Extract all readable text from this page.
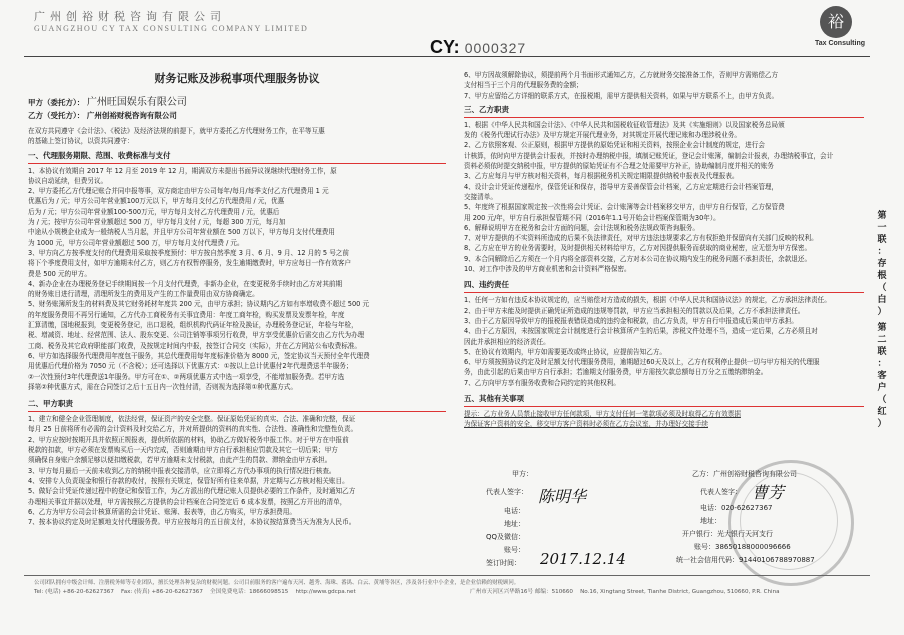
广州创裕财税咨询有限公司
GUANGZHOU CY TAX CONSULTING COMPANY LIMITED
CY: 0000327
裕
Tax Consulting
财务记账及涉税事项代理服务协议
甲方（委托方）： 广州旺国娱乐有限公司
乙方（受托方）： 广州创裕财税咨询有限公司
在双方共同遵守《会计法》、《税法》及经济法规的前提下，就甲方委托乙方代理财务工作，在平等互惠
的基础上签订协议，以资共同遵守：
一、代理服务期限、范围、收费标准与支付
1、本协议有效期自 2017 年 12 月至 2019 年 12 月，期满双方未提出书面异议视继续代理财务工作，原
协议自动延续，但费另议。
2、甲方委托乙方代理记账合并同申报等事，双方商定由甲方公司每年/每月/每季支付乙方代理费用 1 元
优惠后为 / 元；甲方公司年营业额100万元以下，甲方每月支付乙方代理费用 / 元，优惠
后为 / 元；甲方公司年营业额100-500万元，甲方每月支付乙方代理费用 / 元，优惠后
为 / 元；按甲方公司年营业额超过 500 万，甲方每月支付 / 元，每超 300 万元，每月加
中途从小规模企业成为一般纳税人当月起，并且甲方公司年营业额在 500 万以下，甲方每月支付代理费用
为 1000 元，甲方公司年营业额超过 500 万，甲方每月支付代理费 / 元。
3、甲方向乙方按季度支付的代理费用采取按季度预付：甲方按自然季度 3 月、6 月、9 月、12 月的 5 号之前
将下个季度费用支付，如甲方逾期未付乙方，则乙方有权暂停服务，发生逾期缴费时，甲方应每日一作有效客户
费是 500 元的甲方。
4、新办企业在办理税务登记手续期间按一个月支付代理费，非新办企业，在变更税务手续时由乙方对其前期
的财务账目进行清理，清理所发生的费用及产生的工作量费用由双方协商确定。
5、财务账簿所发生的材料费及其它财务耗材年度共 200 元，由甲方承担；协议期内乙方如有率增收费不超过 500 元
的年度服务费用不再另行通知，乙方代办工商税务有关事宜费用：年度工商年检，购买发票及发票年检，年度
汇算清缴，国地税报到，变更税务登记，出口退税，组织机构代码证年检及换证，办理税务登记证，年检与年检，
税、增减资、地址、经营范围、法人、股东变更、公司注销等事项另行收费，甲方享受优惠价后需交由乙方代为办理
工商、税务及其它政府职能部门收费，及按规定时间内中报，按签订合同交（实际），并在乙方网站公布收费标准。
6、甲方如选择服务代理费用年度包干服务，其总代理费用每年度标准价格为 8000 元，签定协议当天预付全年代理费
用优惠后代理价格为 7050 元（不含税）；还可选择以下优惠方式：①按以上总计优惠付2年代理费送半年服务；
②一次性预付3年代理费送1年服务。甲方可在①、②两项优惠方式中选一项享受，不能增加服务费。若甲方选
择第②种优惠方式，需在合同签订之后十五日内一次性付清，否则视为选择第①种优惠方式。
二、甲方职责
1、建立和健全企业管理制度，依法经营，保证资产的安全完整。保证原始凭证的真实、合法、准确和完整，保证
每月 25 日前将所有必需的会计资料及时交给乙方，并对所提供的资料的真实性、合法性、准确性和完整性负责。
2、甲方应按时按期开具并依照正规报表，提供所依据的材料，协助乙方做好税务申报工作。对于甲方在申报前
税款的扣款，甲方必须在发票购买后一天内完成，否则逾期由甲方自行承担相应罚款及其它一切后果；甲方
须确保自身账户余额足够以便扣缴税款，若甲方逾期未支付税款，由此产生的罚款、滞纳金由甲方承担。
3、甲方每月最后一天前未收到乙方的纳税申报表交接清单，应立即将乙方代办事项的执行情况进行核查。
4、安排专人负责现金和银行存款的收付，按照有关规定，保管好所有往来单据，并定期与乙方核对相关账目。
5、做好会计凭证传递过程中的登记和保管工作，为乙方派出的代理记账人员提供必要的工作条件，及时通知乙方
办理相关事宜并据以处理，甲方需按照乙方提供的会计档案在合同签定后 6 成本发票，按照乙方开出的清单，
6、乙方为甲方公司会计核算所需的会计凭证、账簿、报表等，由乙方购买，甲方承担费用。
7、按本协议约定及时足额地支付代理服务费。甲方应按每月的五日前支付，本协议按结算费当天为准为人民币。
6、甲方因故须解除协议，须提前两个月书面形式通知乙方，乙方就财务交接准备工作，否则甲方需赔偿乙方
支付相当于三个月的代理服务费的金额；
7、甲方应留给乙方详细的联系方式，在报税期，需甲方提供相关资料，如果与甲方联系不上，由甲方负责。
三、乙方职责
1、根据《中华人民共和国会计法》、《中华人民共和国税收征收管理法》及其《实施细则》以及国家税务总局颁
发的《税务代理试行办法》及甲方规定开展代理业务，对其规定开展代理记账和办理涉税业务。
2、乙方依照客观、公正原则，根据甲方提供的原始凭证和相关资料，按照企业会计制度的规定，进行会
计核算，依时向甲方提供会计报表，并按时办理纳税申报，填制记账凭证，登记会计账簿，编制会计报表，办理纳税事宜，会计
资料必须依时提交纳税申报，甲方提供的原始凭证有不合理之处需要甲方补正，协助编制月度并相关的账务
3、乙方应每月与甲方核对相关资料，每月根据税务机关规定期限提供纳税申报表及代理报表。
4、设计会计凭证传递程序，保管凭证和保存，指导甲方妥善保管会计档案，乙方应定期进行会计档案管理，
交接清单。
5、年度终了根据国家规定按一次性将会计凭证、会计账簿等会计档案移交甲方，由甲方自行保管，乙方保管费
用 200 元/年，甲方自行承担保管期不同（2016年1.1号开始会计档案保管期为30年）。
6、解释说明甲方在税务和会计方面的问题，会计法规和税务法规政策咨询服务。
7、对甲方提供的不实资料所造成的后果不负法律责任，对甲方违法违规要求乙方有权拒绝并保留向有关部门反映的权利。
8、乙方应在甲方的业务需要时，及时提供相关材料给甲方，乙方对因提供服务而获取的商业秘密，应无偿为甲方保密。
9、本合同解除后乙方须在一个月内将全部资料交接，乙方对本公司在协议期内发生的税务问题不承担责任，余款退还。
10、对工作中涉及的甲方商业机密和会计资料严格保密。
四、违约责任
1、任何一方如有违反本协议规定的，应当赔偿对方造成的损失，根据《中华人民共和国协议法》的规定，乙方承担法律责任。
2、由于甲方未能及时提供正确凭证所造成的违规等罚款，甲方应当承担相关的罚款以及后果，乙方不承担法律责任。
3、由于乙方原因导致甲方的报税报表错误造成的违约金和税款，由乙方负责，甲方自行申报造成后果由甲方承担。
4、由于乙方原因，未按国家规定会计制度进行会计核算所产生的后果，涉税文件处理不当，造成一定后果，乙方必须且对
因此并承担相应的经济责任。
5、在协议有效期内，甲方如需要更改或终止协议，应提前告知乙方。
6、甲方须按照协议约定及时足额支付代理服务费用，逾期超过60天及以上，乙方有权利停止提供一切与甲方相关的代理服
务，由此引起的后果由甲方自行承担；若逾期支付服务费，甲方需按欠款总额每日万分之五缴纳滞纳金。
7、乙方向甲方享有服务收费和合同约定的其他权利。
五、其他有关事项
提示：乙方业务人员禁止接收甲方任何款项，甲方支付任何一笔款项必须及时取得乙方有效票据
为保证客户资料的安全，移交甲方客户资料时必须在乙方会议室，并办理好交接手续
甲方：
代表人签字： 陈明华
电话：
地址：
QQ及微信：
账号：
签订时间： 2017.12.14
乙方：广州创裕财税咨询有限公司
代表人签字： 曹芳
电话：020-62627367
地址：
开户银行：光大银行天河支行
账号：38650188000096666
统一社会信用代码：91440106788970887
第
一
联
：
存
根
（
白
）
第
二
联
：
客
户
（
红
）
公司团队拥有中级会计师、注册税务师等专业团队，擅长处理各种复杂的财税问题。公司目前服务的客户遍布天河、越秀、海珠、番禺、白云、黄埔等各区，涉及各行业中小企业，是企业信赖的财税顾问。
Tel: (电话) +86-20-62627367 Fax: (传真) +86-20-62627367 全国免费电话：18666098515 http://www.gdcpa.net	广州市天河区兴华路16号 邮编：510660 No.16, Xingtang Street, Tianhe District, Guangzhou, 510660, P.R. China
